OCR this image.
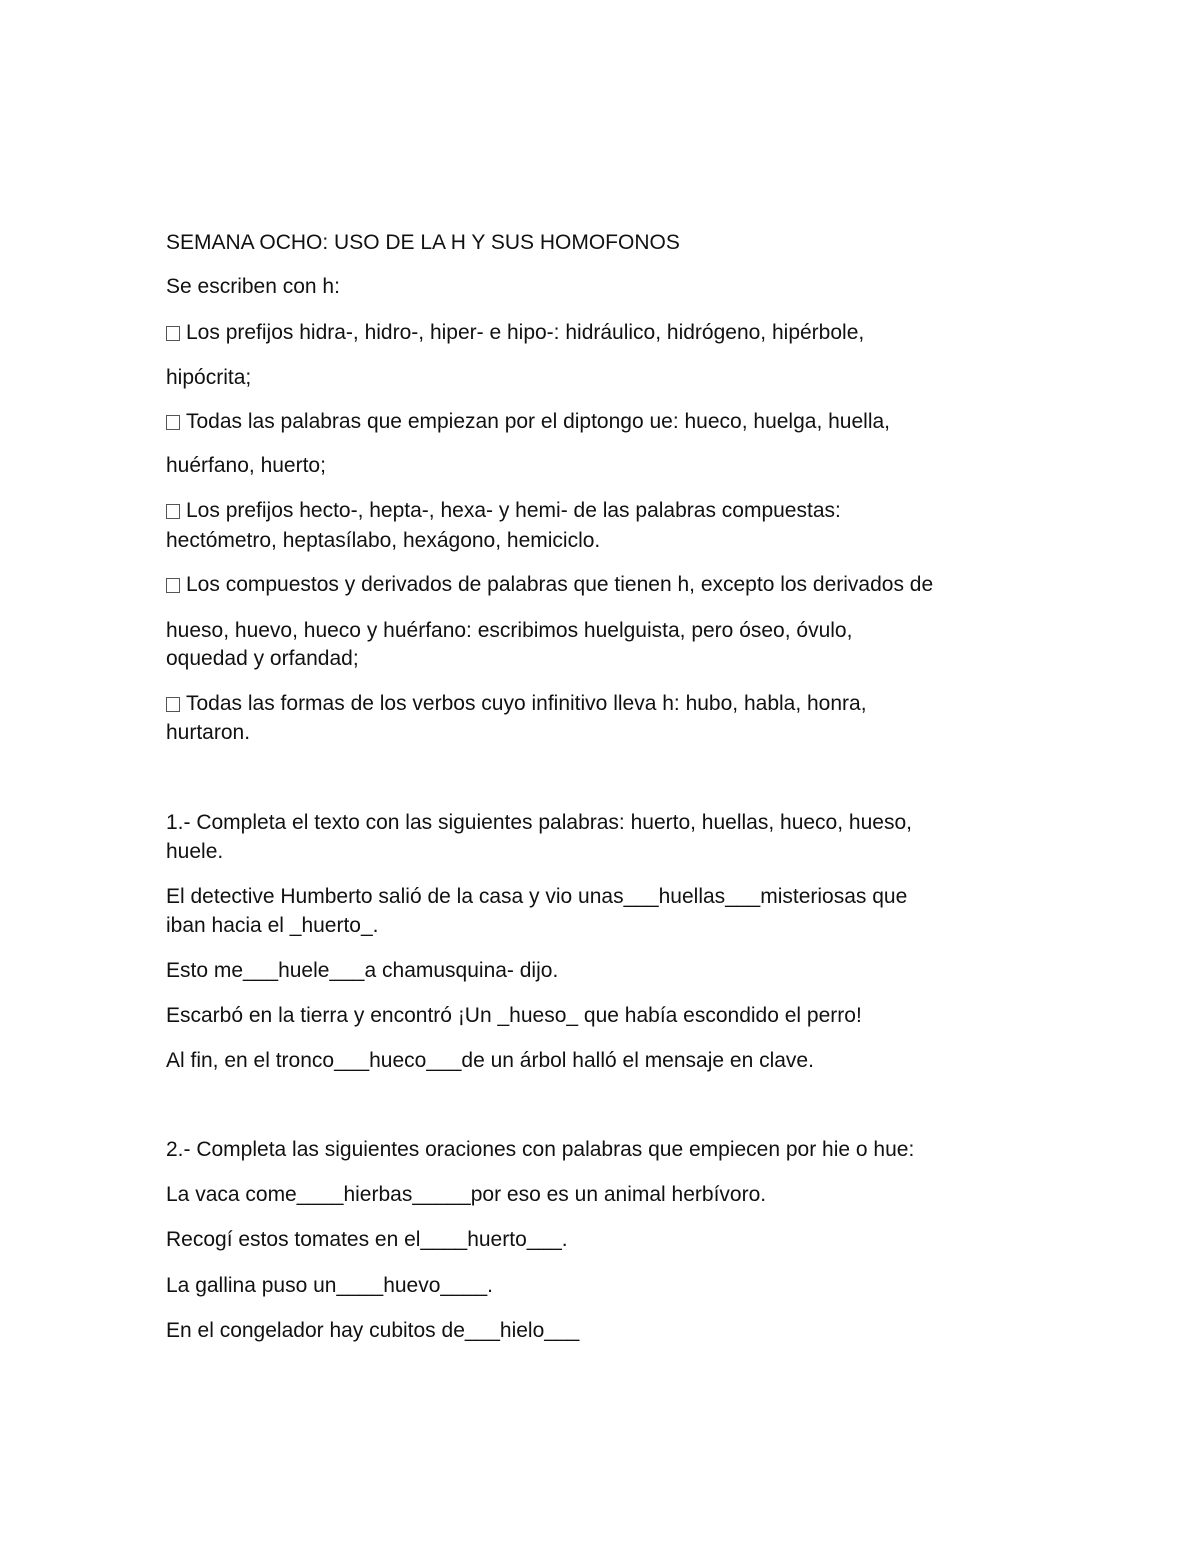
SEMANA OCHO: USO DE LA H Y SUS HOMOFONOS
Se escriben con h:
Los prefijos hidra-, hidro-, hiper- e hipo-: hidráulico, hidrógeno, hipérbole,
hipócrita;
Todas las palabras que empiezan por el diptongo ue: hueco, huelga, huella,
huérfano, huerto;
Los prefijos hecto-, hepta-, hexa- y hemi- de las palabras compuestas:
hectómetro, heptasílabo, hexágono, hemiciclo.
Los compuestos y derivados de palabras que tienen h, excepto los derivados de
hueso, huevo, hueco y huérfano: escribimos huelguista, pero óseo, óvulo,
oquedad y orfandad;
Todas las formas de los verbos cuyo infinitivo lleva h: hubo, habla, honra,
hurtaron.
1.- Completa el texto con las siguientes palabras: huerto, huellas, hueco, hueso,
huele.
El detective Humberto salió de la casa y vio unas___huellas___misteriosas que
iban hacia el _huerto_.
Esto me___huele___a chamusquina- dijo.
Escarbó en la tierra y encontró ¡Un _hueso_ que había escondido el perro!
Al fin, en el tronco___hueco___de un árbol halló el mensaje en clave.
2.- Completa las siguientes oraciones con palabras que empiecen por hie o hue:
La vaca come____hierbas_____por eso es un animal herbívoro.
Recogí estos tomates en el____huerto___.
La gallina puso un____huevo____.
En el congelador hay cubitos de___hielo___
